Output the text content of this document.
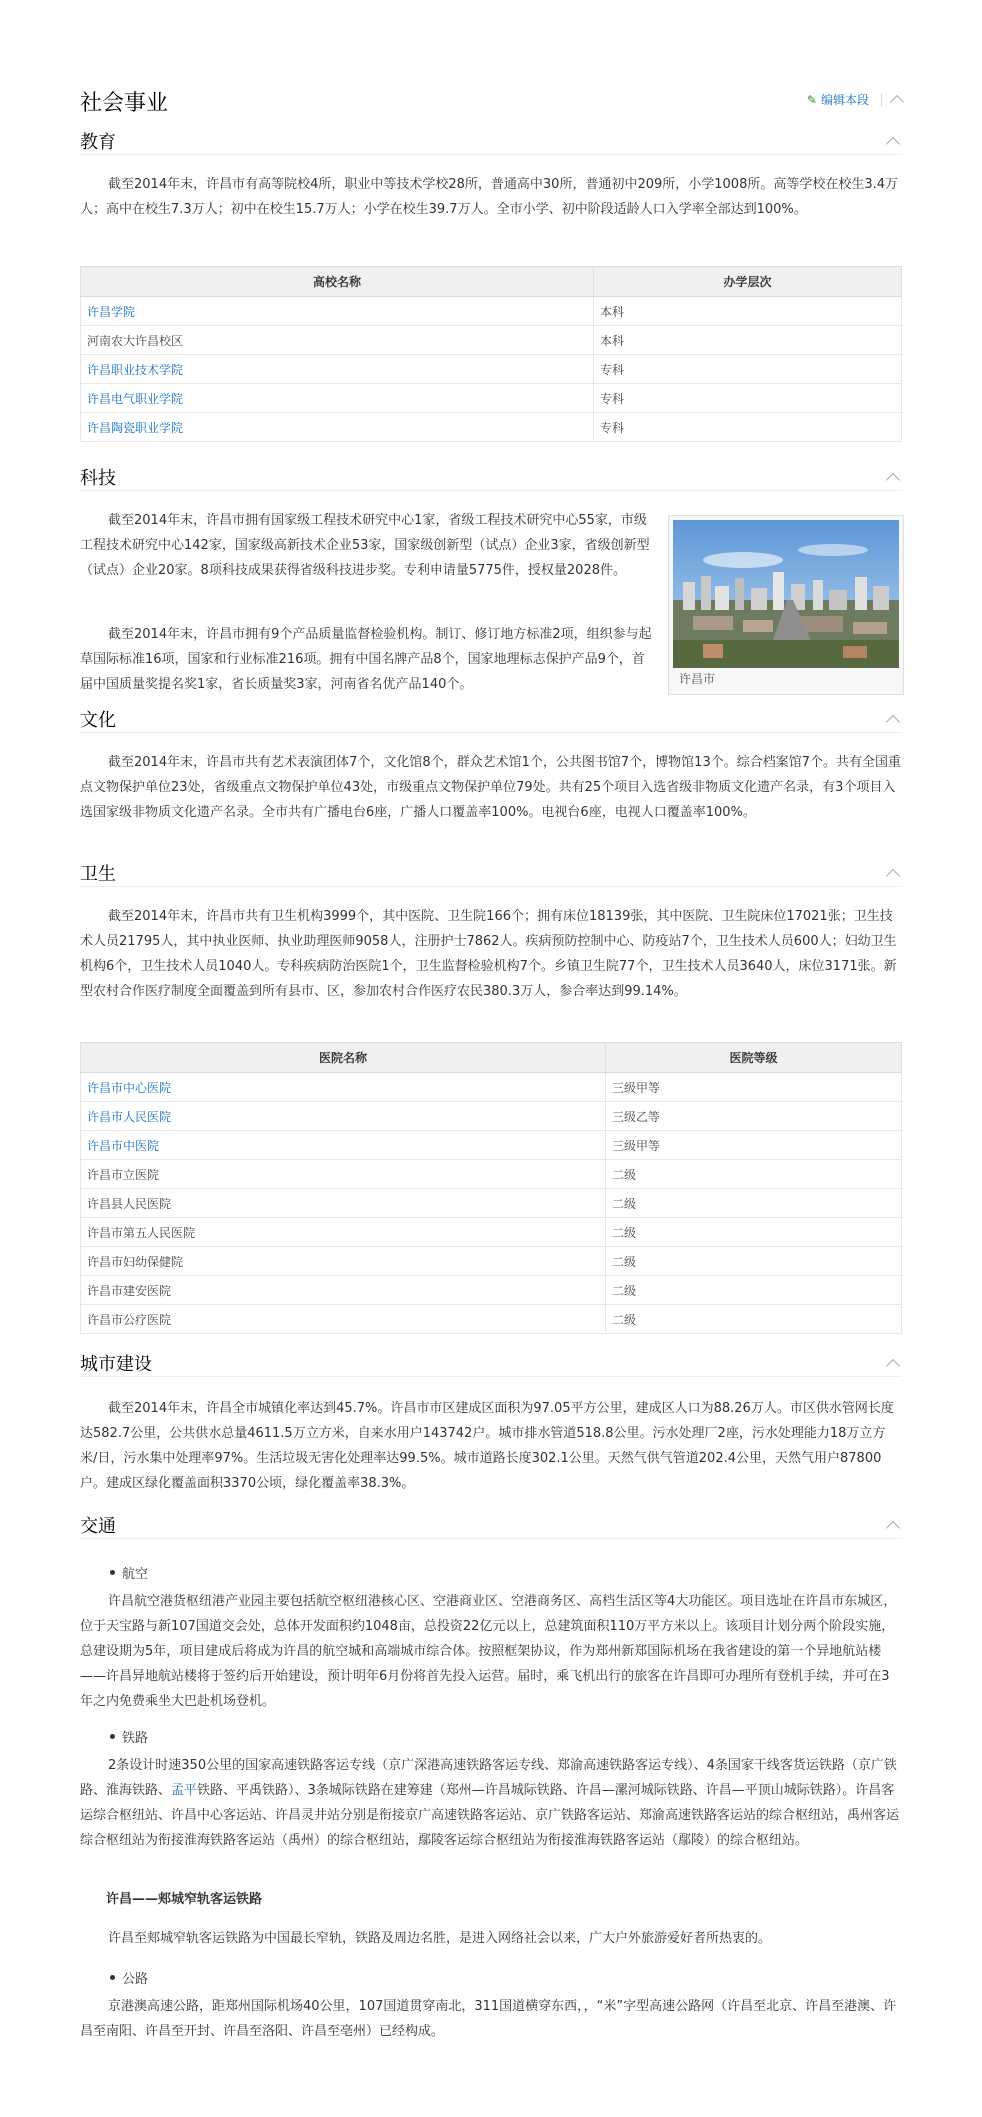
社会事业	✎ 编辑本段
教育

截至2014年末，许昌市有高等院校4所，职业中等技术学校28所，普通高中30所，普通初中209所，小学1008所。高等学校在校生3.4万人；高中在校生7.3万人；初中在校生15.7万人；小学在校生39.7万人。全市小学、初中阶段适龄人口入学率全部达到100%。

高校名称	办学层次
许昌学院	本科
河南农大许昌校区	本科
许昌职业技术学院	专科
许昌电气职业学院	专科
许昌陶瓷职业学院	专科
科技

截至2014年末，许昌市拥有国家级工程技术研究中心1家，省级工程技术研究中心55家，市级工程技术研究中心142家，国家级高新技术企业53家，国家级创新型（试点）企业3家，省级创新型（试点）企业20家。8项科技成果获得省级科技进步奖。专利申请量5775件，授权量2028件。

截至2014年末，许昌市拥有9个产品质量监督检验机构。制订、修订地方标准2项，组织参与起草国际标准16项，国家和行业标准216项。拥有中国名牌产品8个，国家地理标志保护产品9个，首届中国质量奖提名奖1家，省长质量奖3家，河南省名优产品140个。	许昌市
文化

截至2014年末，许昌市共有艺术表演团体7个，文化馆8个，群众艺术馆1个，公共图书馆7个，博物馆13个。综合档案馆7个。共有全国重点文物保护单位23处，省级重点文物保护单位43处，市级重点文物保护单位79处。共有25个项目入选省级非物质文化遗产名录，有3个项目入选国家级非物质文化遗产名录。全市共有广播电台6座，广播人口覆盖率100%。电视台6座，电视人口覆盖率100%。

卫生

截至2014年末，许昌市共有卫生机构3999个，其中医院、卫生院166个；拥有床位18139张，其中医院、卫生院床位17021张；卫生技术人员21795人，其中执业医师、执业助理医师9058人，注册护士7862人。疾病预防控制中心、防疫站7个，卫生技术人员600人；妇幼卫生机构6个，卫生技术人员1040人。专科疾病防治医院1个，卫生监督检验机构7个。乡镇卫生院77个，卫生技术人员3640人，床位3171张。新型农村合作医疗制度全面覆盖到所有县市、区，参加农村合作医疗农民380.3万人，参合率达到99.14%。

医院名称	医院等级
许昌市中心医院	三级甲等
许昌市人民医院	三级乙等
许昌市中医院	三级甲等
许昌市立医院	二级
许昌县人民医院	二级
许昌市第五人民医院	二级
许昌市妇幼保健院	二级
许昌市建安医院	二级
许昌市公疗医院	二级
城市建设

截至2014年末，许昌全市城镇化率达到45.7%。许昌市市区建成区面积为97.05平方公里，建成区人口为88.26万人。市区供水管网长度达582.7公里，公共供水总量4611.5万立方米，自来水用户143742户。城市排水管道518.8公里。污水处理厂2座，污水处理能力18万立方米/日，污水集中处理率97%。生活垃圾无害化处理率达99.5%。城市道路长度302.1公里。天然气供气管道202.4公里，天然气用户87800户。建成区绿化覆盖面积3370公顷，绿化覆盖率38.3%。

交通
航空

许昌航空港货枢纽港产业园主要包括航空枢纽港核心区、空港商业区、空港商务区、高档生活区等4大功能区。项目选址在许昌市东城区，位于天宝路与新107国道交会处，总体开发面积约1048亩，总投资22亿元以上，总建筑面积110万平方米以上。该项目计划分两个阶段实施，总建设期为5年，项目建成后将成为许昌的航空城和高端城市综合体。按照框架协议，作为郑州新郑国际机场在我省建设的第一个异地航站楼——许昌异地航站楼将于签约后开始建设，预计明年6月份将首先投入运营。届时，乘飞机出行的旅客在许昌即可办理所有登机手续，并可在3年之内免费乘坐大巴赴机场登机。

铁路

2条设计时速350公里的国家高速铁路客运专线（京广深港高速铁路客运专线、郑渝高速铁路客运专线）、4条国家干线客货运铁路（京广铁路、淮海铁路、孟平铁路、平禹铁路）、3条城际铁路在建筹建（郑州—许昌城际铁路、许昌—漯河城际铁路、许昌—平顶山城际铁路）。许昌客运综合枢纽站、许昌中心客运站、许昌灵井站分别是衔接京广高速铁路客运站、京广铁路客运站、郑渝高速铁路客运站的综合枢纽站，禹州客运综合枢纽站为衔接淮海铁路客运站（禹州）的综合枢纽站，鄢陵客运综合枢纽站为衔接淮海铁路客运站（鄢陵）的综合枢纽站。

许昌——郏城窄轨客运铁路

许昌至郏城窄轨客运铁路为中国最长窄轨，铁路及周边名胜，是进入网络社会以来，广大户外旅游爱好者所热衷的。

公路

京港澳高速公路，距郑州国际机场40公里，107国道贯穿南北，311国道横穿东西，，“米”字型高速公路网（许昌至北京、许昌至港澳、许昌至南阳、许昌至开封、许昌至洛阳、许昌至亳州）已经构成。
